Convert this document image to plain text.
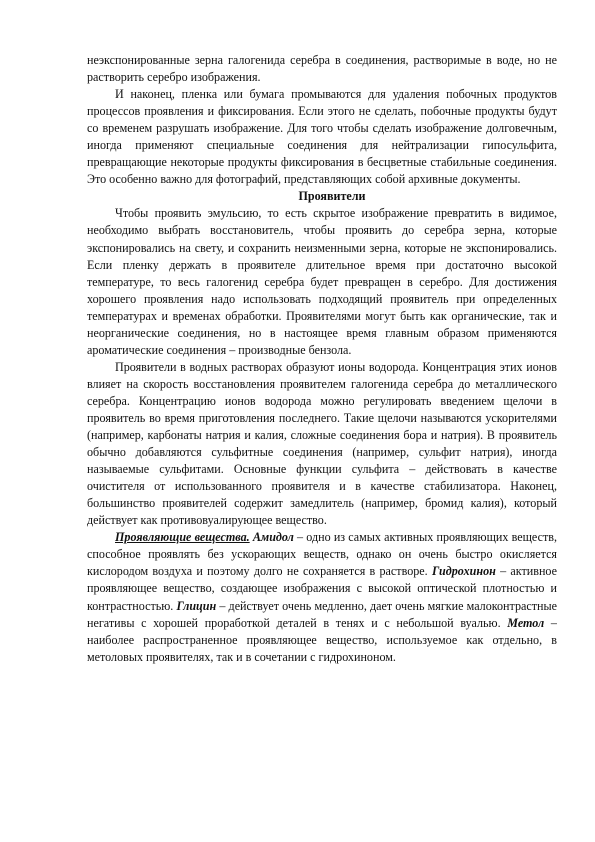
неэкспонированные зерна галогенида серебра в соединения, растворимые в воде, но не растворить серебро изображения.

И наконец, пленка или бумага промываются для удаления побочных продуктов процессов проявления и фиксирования. Если этого не сделать, побочные продукты будут со временем разрушать изображение. Для того чтобы сделать изображение долговечным, иногда применяют специальные соединения для нейтрализации гипосульфита, превращающие некоторые продукты фиксирования в бесцветные стабильные соединения. Это особенно важно для фотографий, представляющих собой архивные документы.

Проявители

Чтобы проявить эмульсию, то есть скрытое изображение превратить в видимое, необходимо выбрать восстановитель, чтобы проявить до серебра зерна, которые экспонировались на свету, и сохранить неизменными зерна, которые не экспонировались. Если пленку держать в проявителе длительное время при достаточно высокой температуре, то весь галогенид серебра будет превращен в серебро. Для достижения хорошего проявления надо использовать подходящий проявитель при определенных температурах и временах обработки. Проявителями могут быть как органические, так и неорганические соединения, но в настоящее время главным образом применяются ароматические соединения – производные бензола.

Проявители в водных растворах образуют ионы водорода. Концентрация этих ионов влияет на скорость восстановления проявителем галогенида серебра до металлического серебра. Концентрацию ионов водорода можно регулировать введением щелочи в проявитель во время приготовления последнего. Такие щелочи называются ускорителями (например, карбонаты натрия и калия, сложные соединения бора и натрия). В проявитель обычно добавляются сульфитные соединения (например, сульфит натрия), иногда называемые сульфитами. Основные функции сульфита – действовать в качестве очистителя от использованного проявителя и в качестве стабилизатора. Наконец, большинство проявителей содержит замедлитель (например, бромид калия), который действует как противовуалирующее вещество.

Проявляющие вещества. Амидол – одно из самых активных проявляющих веществ, способное проявлять без ускорающих веществ, однако он очень быстро окисляется кислородом воздуха и поэтому долго не сохраняется в растворе. Гидрохинон – активное проявляющее вещество, создающее изображения с высокой оптической плотностью и контрастностью. Глицин – действует очень медленно, дает очень мягкие малоконтрастные негативы с хорошей проработкой деталей в тенях и с небольшой вуалью. Метол – наиболее распространенное проявляющее вещество, используемое как отдельно, в метоловых проявителях, так и в сочетании с гидрохиноном.
